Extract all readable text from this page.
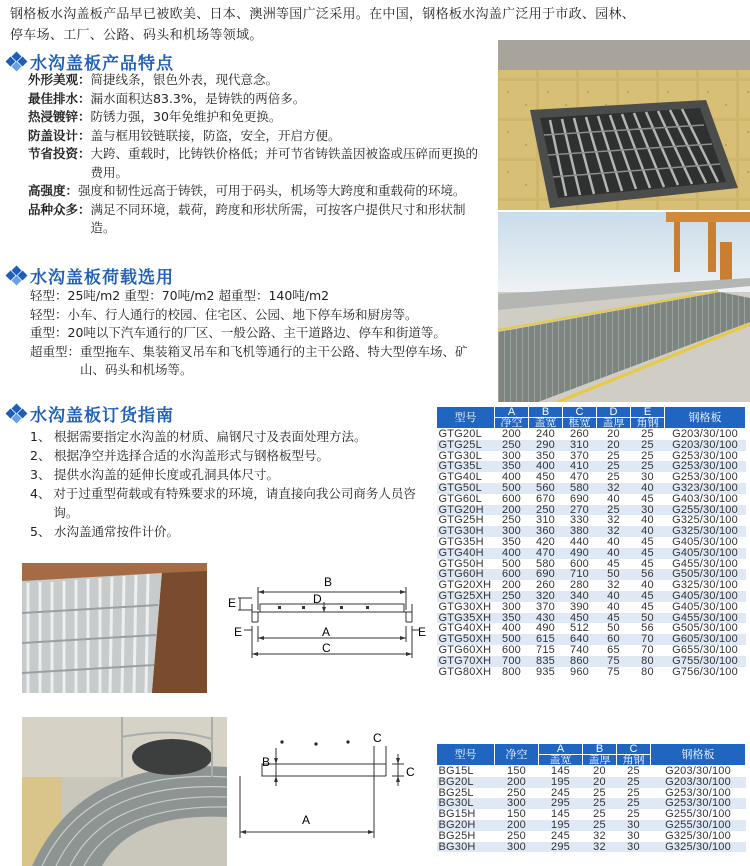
钢格板水沟盖板产品早已被欧美、日本、澳洲等国广泛采用。在中国，钢格板水沟盖广泛用于市政、园林、
停车场、工厂、公路、码头和机场等领域。
水沟盖板产品特点
外形美观： 简捷线条，银色外表，现代意念。
最佳排水： 漏水面积达83.3%，是铸铁的两倍多。
热浸镀锌： 防锈力强，30年免维护和免更换。
防盖设计： 盖与框用铰链联接，防盗，安全，开启方便。
节省投资： 大跨、重载时，比铸铁价格低；并可节省铸铁盖因被盗或压碎而更换的费用。
高强度： 强度和韧性远高于铸铁，可用于码头，机场等大跨度和重载荷的环境。
品种众多： 满足不同环境，载荷，跨度和形状所需，可按客户提供尺寸和形状制造。
水沟盖板荷载选用
轻型：25吨/m2 重型：70吨/m2 超重型：140吨/m2
轻型： 小车、行人通行的校园、住宅区、公园、地下停车场和厨房等。
重型： 20吨以下汽车通行的厂区、一般公路、主干道路边、停车和街道等。
超重型： 重型拖车、集装箱叉吊车和飞机等通行的主干公路、特大型停车场、矿山、码头和机场等。
水沟盖板订货指南
1、 根据需要指定水沟盖的材质、扁钢尺寸及表面处理方法。
2、 根据净空并选择合适的水沟盖形式与钢格板型号。
3、 提供水沟盖的延伸长度或孔洞具体尺寸。
4、 对于过重型荷载或有特殊要求的环境，请直接向我公司商务人员咨询。
5、 水沟盖通常按件计价。
B
D
E
E	E
A
C
B
C
C
A
型号	A	B	C	D	E	钢格板
	净空	盖宽	框宽	盖厚	角钢	
GTG20L	200	240	260	20	25	G203/30/100
GTG25L	250	290	310	20	25	G203/30/100
GTG30L	300	350	370	25	25	G253/30/100
GTG35L	350	400	410	25	25	G253/30/100
GTG40L	400	450	470	25	30	G253/30/100
GTG50L	500	560	580	32	40	G323/30/100
GTG60L	600	670	690	40	45	G403/30/100
GTG20H	200	250	270	25	30	G255/30/100
GTG25H	250	310	330	32	40	G325/30/100
GTG30H	300	360	380	32	40	G325/30/100
GTG35H	350	420	440	40	45	G405/30/100
GTG40H	400	470	490	40	45	G405/30/100
GTG50H	500	580	600	45	45	G455/30/100
GTG60H	600	690	710	50	56	G505/30/100
GTG20XH	200	260	280	32	40	G325/30/100
GTG25XH	250	320	340	40	45	G405/30/100
GTG30XH	300	370	390	40	45	G405/30/100
GTG35XH	350	430	450	45	50	G455/30/100
GTG40XH	400	490	512	50	56	G505/30/100
GTG50XH	500	615	640	60	70	G605/30/100
GTG60XH	600	715	740	65	70	G655/30/100
GTG70XH	700	835	860	75	80	G755/30/100
GTG80XH	800	935	960	75	80	G756/30/100
型号	净空	A	B	C	钢格板
		盖宽	盖厚	角钢	
BG15L	150	145	20	25	G203/30/100
BG20L	200	195	20	25	G203/30/100
BG25L	250	245	25	25	G253/30/100
BG30L	300	295	25	25	G253/30/100
BG15H	150	145	25	25	G255/30/100
BG20H	200	195	25	30	G255/30/100
BG25H	250	245	32	30	G325/30/100
BG30H	300	295	32	30	G325/30/100
